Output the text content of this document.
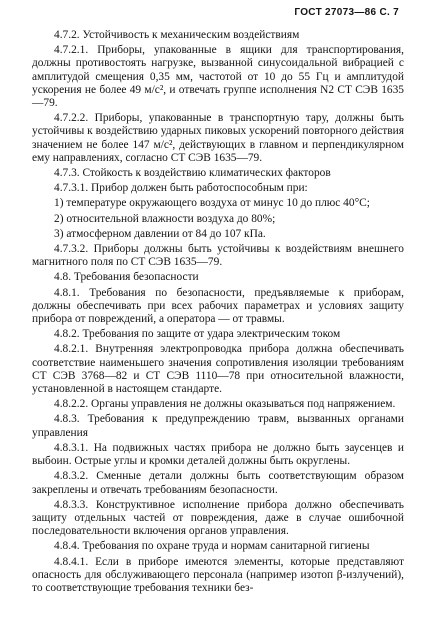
ГОСТ 27073—86 С. 7

4.7.2. Устойчивость к механическим воздействиям

4.7.2.1. Приборы, упакованные в ящики для транспортирования, должны противостоять нагрузке, вызванной синусоидальной вибрацией с амплитудой смещения 0,35 мм, частотой от 10 до 55 Гц и амплитудой ускорения не более 49 м/с², и отвечать группе исполнения N2 СТ СЭВ 1635—79.

4.7.2.2. Приборы, упакованные в транспортную тару, должны быть устойчивы к воздействию ударных пиковых ускорений повторного действия значением не более 147 м/с², действующих в главном и перпендикулярном ему направлениях, согласно СТ СЭВ 1635—79.

4.7.3. Стойкость к воздействию климатических факторов

4.7.3.1. Прибор должен быть работоспособным при:

1) температуре окружающего воздуха от минус 10 до плюс 40°С;

2) относительной влажности воздуха до 80%;

3) атмосферном давлении от 84 до 107 кПа.

4.7.3.2. Приборы должны быть устойчивы к воздействиям внешнего магнитного поля по СТ СЭВ 1635—79.

4.8. Требования безопасности

4.8.1. Требования по безопасности, предъявляемые к приборам, должны обеспечивать при всех рабочих параметрах и условиях защиту прибора от повреждений, а оператора — от травмы.

4.8.2. Требования по защите от удара электрическим током

4.8.2.1. Внутренняя электропроводка прибора должна обеспечивать соответствие наименьшего значения сопротивления изоляции требованиям СТ СЭВ 3768—82 и СТ СЭВ 1110—78 при относительной влажности, установленной в настоящем стандарте.

4.8.2.2. Органы управления не должны оказываться под напряжением.

4.8.3. Требования к предупреждению травм, вызванных органами управления

4.8.3.1. На подвижных частях прибора не должно быть заусенцев и выбоин. Острые углы и кромки деталей должны быть округлены.

4.8.3.2. Сменные детали должны быть соответствующим образом закреплены и отвечать требованиям безопасности.

4.8.3.3. Конструктивное исполнение прибора должно обеспечивать защиту отдельных частей от повреждения, даже в случае ошибочной последовательности включения органов управления.

4.8.4. Требования по охране труда и нормам санитарной гигиены

4.8.4.1. Если в приборе имеются элементы, которые представляют опасность для обслуживающего персонала (например изотоп β-излучений), то соответствующие требования техники без-
